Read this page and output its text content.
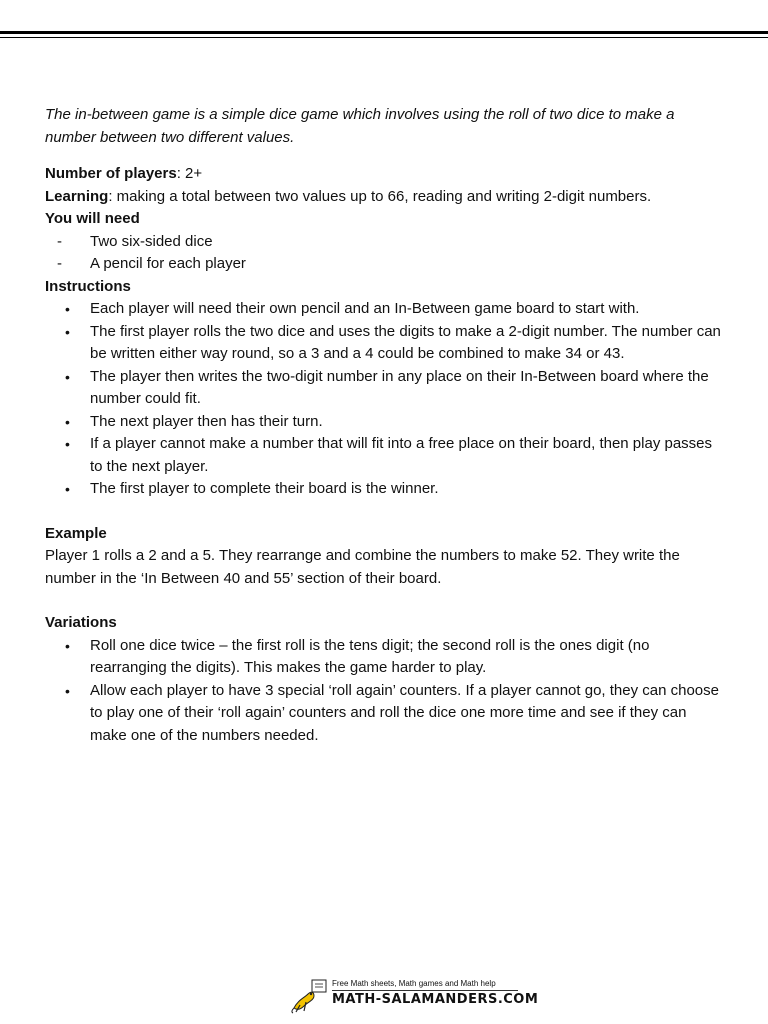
The in-between game is a simple dice game which involves using the roll of two dice to make a number between two different values.

Number of players: 2+

Learning: making a total between two values up to 66, reading and writing 2-digit numbers.

You will need

- Two six-sided dice
- A pencil for each player

Instructions

• Each player will need their own pencil and an In-Between game board to start with.
• The first player rolls the two dice and uses the digits to make a 2-digit number. The number can be written either way round, so a 3 and a 4 could be combined to make 34 or 43.
• The player then writes the two-digit number in any place on their In-Between board where the number could fit.
• The next player then has their turn.
• If a player cannot make a number that will fit into a free place on their board, then play passes to the next player.
• The first player to complete their board is the winner.

Example

Player 1 rolls a 2 and a 5. They rearrange and combine the numbers to make 52. They write the number in the ‘In Between 40 and 55’ section of their board.

Variations

• Roll one dice twice – the first roll is the tens digit; the second roll is the ones digit (no rearranging the digits). This makes the game harder to play.
• Allow each player to have 3 special ‘roll again’ counters. If a player cannot go, they can choose to play one of their ‘roll again’ counters and roll the dice one more time and see if they can make one of the numbers needed.
Free Math sheets, Math games and Math help
MATH-SALAMANDERS.COM
